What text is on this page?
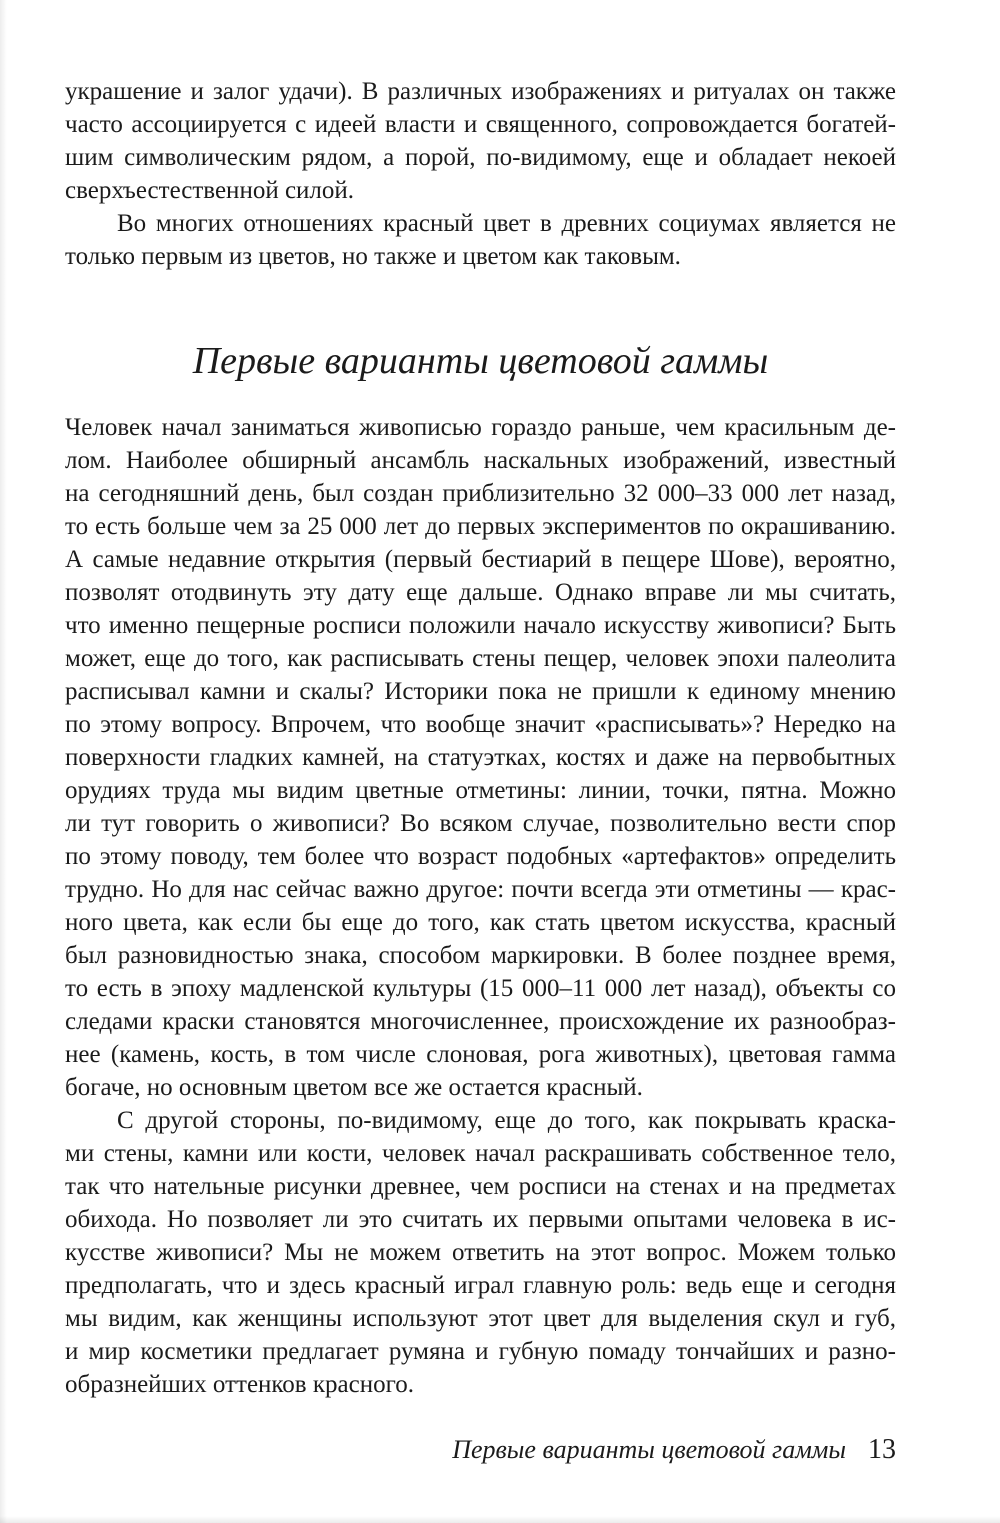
украшение и залог удачи). В различных изображениях и ритуалах он также
часто ассоциируется с идеей власти и священного, сопровождается богатей-
шим символическим рядом, а порой, по-видимому, еще и обладает некоей
сверхъестественной силой.
Во многих отношениях красный цвет в древних социумах является не
только первым из цветов, но также и цветом как таковым.
Первые варианты цветовой гаммы
Человек начал заниматься живописью гораздо раньше, чем красильным де-
лом. Наиболее обширный ансамбль наскальных изображений, известный
на сегодняшний день, был создан приблизительно 32 000–33 000 лет назад,
то есть больше чем за 25 000 лет до первых экспериментов по окрашиванию.
А самые недавние открытия (первый бестиарий в пещере Шове), вероятно,
позволят отодвинуть эту дату еще дальше. Однако вправе ли мы считать,
что именно пещерные росписи положили начало искусству живописи? Быть
может, еще до того, как расписывать стены пещер, человек эпохи палеолита
расписывал камни и скалы? Историки пока не пришли к единому мнению
по этому вопросу. Впрочем, что вообще значит «расписывать»? Нередко на
поверхности гладких камней, на статуэтках, костях и даже на первобытных
орудиях труда мы видим цветные отметины: линии, точки, пятна. Можно
ли тут говорить о живописи? Во всяком случае, позволительно вести спор
по этому поводу, тем более что возраст подобных «артефактов» определить
трудно. Но для нас сейчас важно другое: почти всегда эти отметины — крас-
ного цвета, как если бы еще до того, как стать цветом искусства, красный
был разновидностью знака, способом маркировки. В более позднее время,
то есть в эпоху мадленской культуры (15 000–11 000 лет назад), объекты со
следами краски становятся многочисленнее, происхождение их разнообраз-
нее (камень, кость, в том числе слоновая, рога животных), цветовая гамма
богаче, но основным цветом все же остается красный.
С другой стороны, по-видимому, еще до того, как покрывать краска-
ми стены, камни или кости, человек начал раскрашивать собственное тело,
так что нательные рисунки древнее, чем росписи на стенах и на предметах
обихода. Но позволяет ли это считать их первыми опытами человека в ис-
кусстве живописи? Мы не можем ответить на этот вопрос. Можем только
предполагать, что и здесь красный играл главную роль: ведь еще и сегодня
мы видим, как женщины используют этот цвет для выделения скул и губ,
и мир косметики предлагает румяна и губную помаду тончайших и разно-
образнейших оттенков красного.
Первые варианты цветовой гаммы 13
